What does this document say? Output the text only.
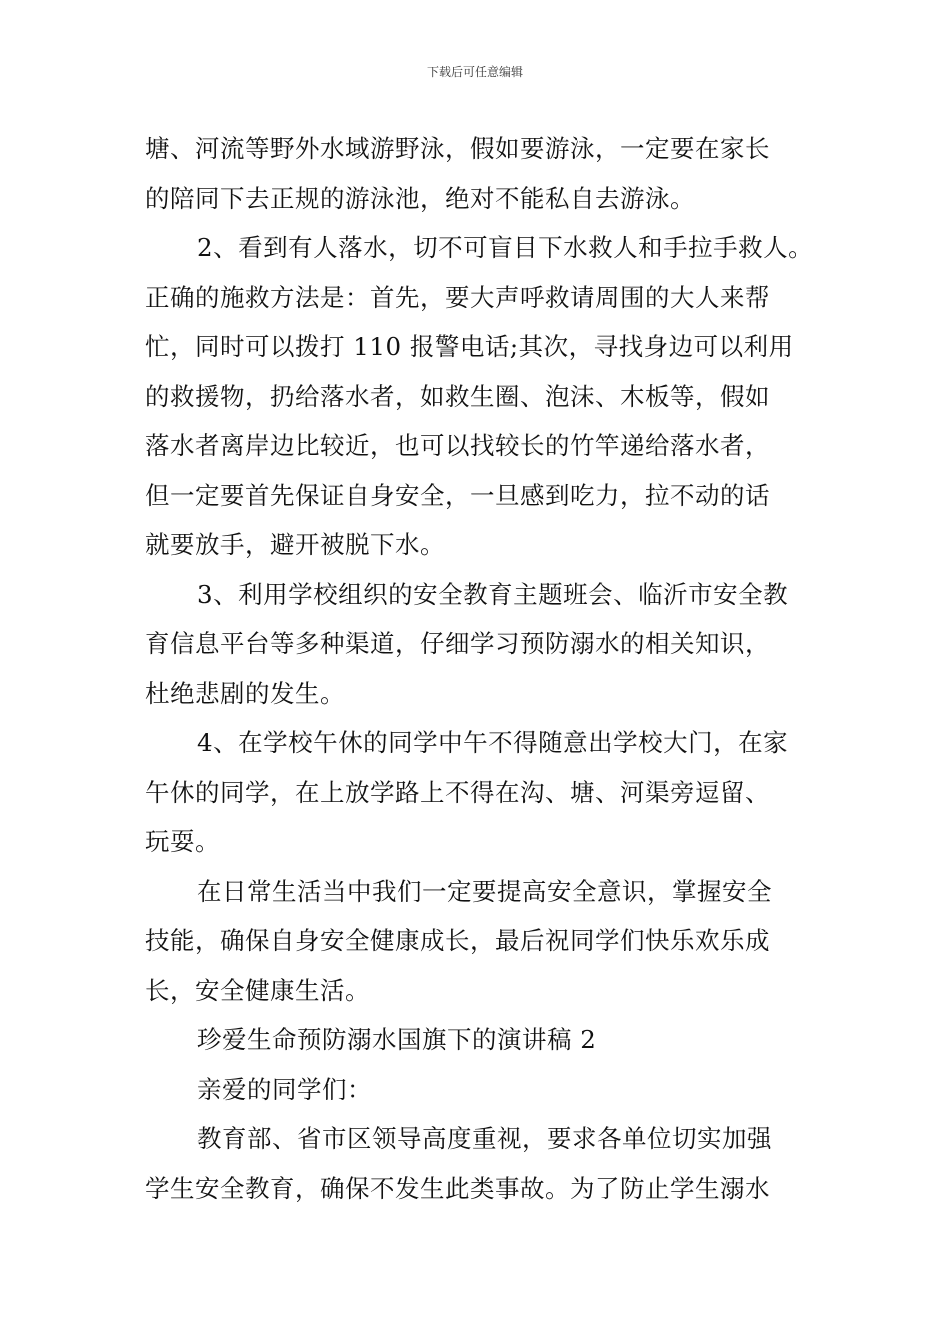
下载后可任意编辑
塘、河流等野外水域游野泳，假如要游泳，一定要在家长
的陪同下去正规的游泳池，绝对不能私自去游泳。
2、看到有人落水，切不可盲目下水救人和手拉手救人。
正确的施救方法是：首先，要大声呼救请周围的大人来帮
忙，同时可以拨打 110 报警电话;其次，寻找身边可以利用
的救援物，扔给落水者，如救生圈、泡沫、木板等，假如
落水者离岸边比较近，也可以找较长的竹竿递给落水者，
但一定要首先保证自身安全，一旦感到吃力，拉不动的话
就要放手，避开被脱下水。
3、利用学校组织的安全教育主题班会、临沂市安全教
育信息平台等多种渠道，仔细学习预防溺水的相关知识，
杜绝悲剧的发生。
4、在学校午休的同学中午不得随意出学校大门，在家
午休的同学，在上放学路上不得在沟、塘、河渠旁逗留、
玩耍。
在日常生活当中我们一定要提高安全意识，掌握安全
技能，确保自身安全健康成长，最后祝同学们快乐欢乐成
长，安全健康生活。
珍爱生命预防溺水国旗下的演讲稿 2
亲爱的同学们：
教育部、省市区领导高度重视，要求各单位切实加强
学生安全教育，确保不发生此类事故。为了防止学生溺水
